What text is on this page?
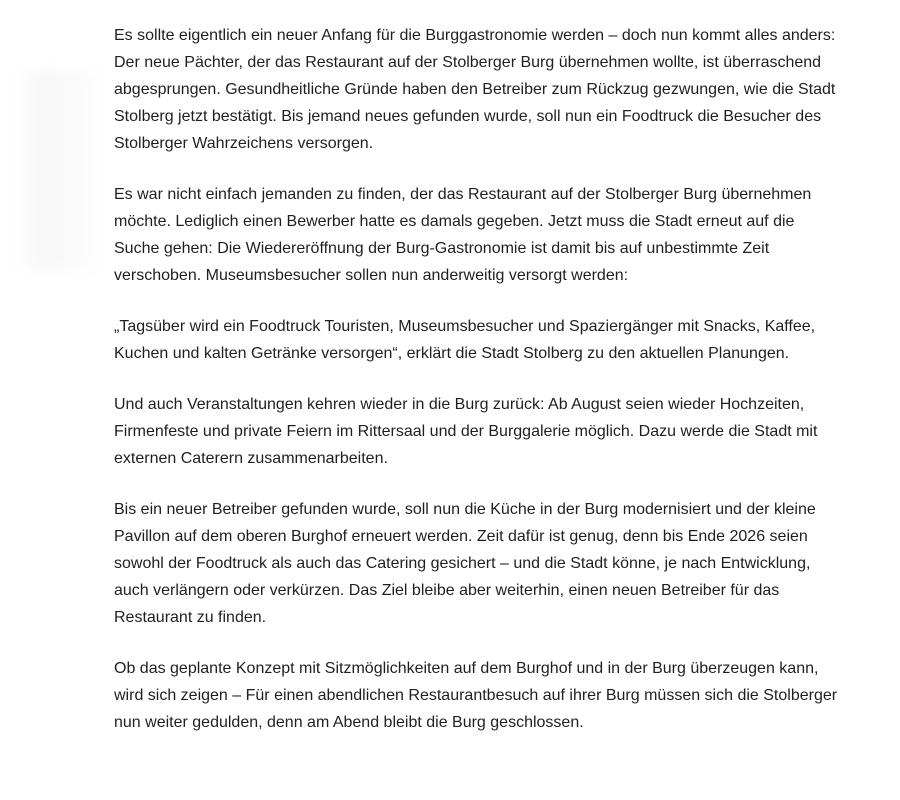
Es sollte eigentlich ein neuer Anfang für die Burggastronomie werden – doch nun kommt alles anders: Der neue Pächter, der das Restaurant auf der Stolberger Burg übernehmen wollte, ist überraschend abgesprungen. Gesundheitliche Gründe haben den Betreiber zum Rückzug gezwungen, wie die Stadt Stolberg jetzt bestätigt. Bis jemand neues gefunden wurde, soll nun ein Foodtruck die Besucher des Stolberger Wahrzeichens versorgen.

Es war nicht einfach jemanden zu finden, der das Restaurant auf der Stolberger Burg übernehmen möchte. Lediglich einen Bewerber hatte es damals gegeben. Jetzt muss die Stadt erneut auf die Suche gehen: Die Wiedereröffnung der Burg-Gastronomie ist damit bis auf unbestimmte Zeit verschoben. Museumsbesucher sollen nun anderweitig versorgt werden:

„Tagsüber wird ein Foodtruck Touristen, Museumsbesucher und Spaziergänger mit Snacks, Kaffee, Kuchen und kalten Getränke versorgen“, erklärt die Stadt Stolberg zu den aktuellen Planungen.

Und auch Veranstaltungen kehren wieder in die Burg zurück: Ab August seien wieder Hochzeiten, Firmenfeste und private Feiern im Rittersaal und der Burggalerie möglich. Dazu werde die Stadt mit externen Caterern zusammenarbeiten.

Bis ein neuer Betreiber gefunden wurde, soll nun die Küche in der Burg modernisiert und der kleine Pavillon auf dem oberen Burghof erneuert werden. Zeit dafür ist genug, denn bis Ende 2026 seien sowohl der Foodtruck als auch das Catering gesichert – und die Stadt könne, je nach Entwicklung, auch verlängern oder verkürzen. Das Ziel bleibe aber weiterhin, einen neuen Betreiber für das Restaurant zu finden.

Ob das geplante Konzept mit Sitzmöglichkeiten auf dem Burghof und in der Burg überzeugen kann, wird sich zeigen – Für einen abendlichen Restaurantbesuch auf ihrer Burg müssen sich die Stolberger nun weiter gedulden, denn am Abend bleibt die Burg geschlossen.
